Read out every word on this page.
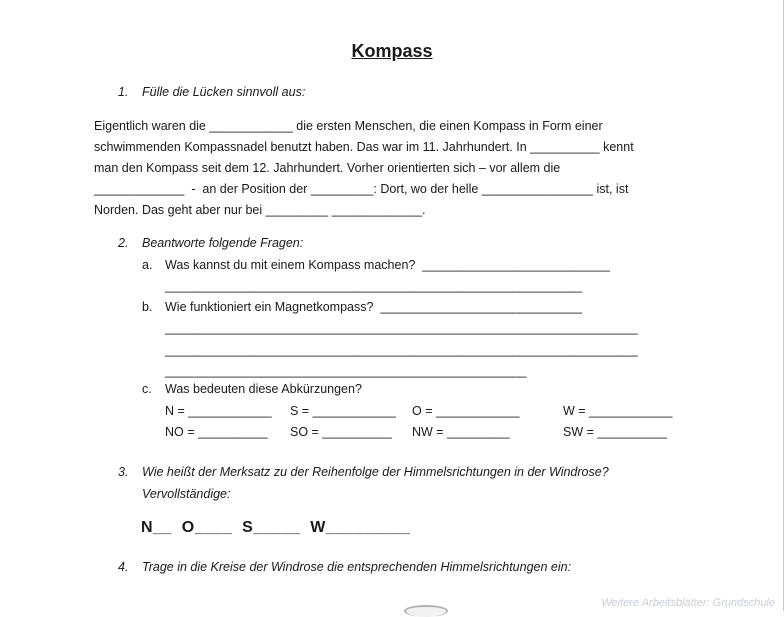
Kompass
1. Fülle die Lücken sinnvoll aus:
Eigentlich waren die ____________ die ersten Menschen, die einen Kompass in Form einer
schwimmenden Kompassnadel benutzt haben. Das war im 11. Jahrhundert. In __________ kennt
man den Kompass seit dem 12. Jahrhundert. Vorher orientierten sich – vor allem die
_____________  -  an der Position der _________: Dort, wo der helle ________________ ist, ist
Norden. Das geht aber nur bei _________ _____________.
2. Beantworte folgende Fragen:
a. Was kannst du mit einem Kompass machen?  ___________________________
____________________________________________________________
b. Wie funktioniert ein Magnetkompass?  _____________________________
____________________________________________________________________
____________________________________________________________________
____________________________________________________
c. Was bedeuten diese Abkürzungen?
N = ____________ S = ____________ O = ____________	W = ____________
NO = __________ SO = __________ NW = _________	SW = __________
3. Wie heißt der Merksatz zu der Reihenfolge der Himmelsrichtungen in der Windrose?
Vervollständige:
N__  O____  S_____  W_________
4. Trage in die Kreise der Windrose die entsprechenden Himmelsrichtungen ein:
Weitere Arbeitsblätter: Grundschule
